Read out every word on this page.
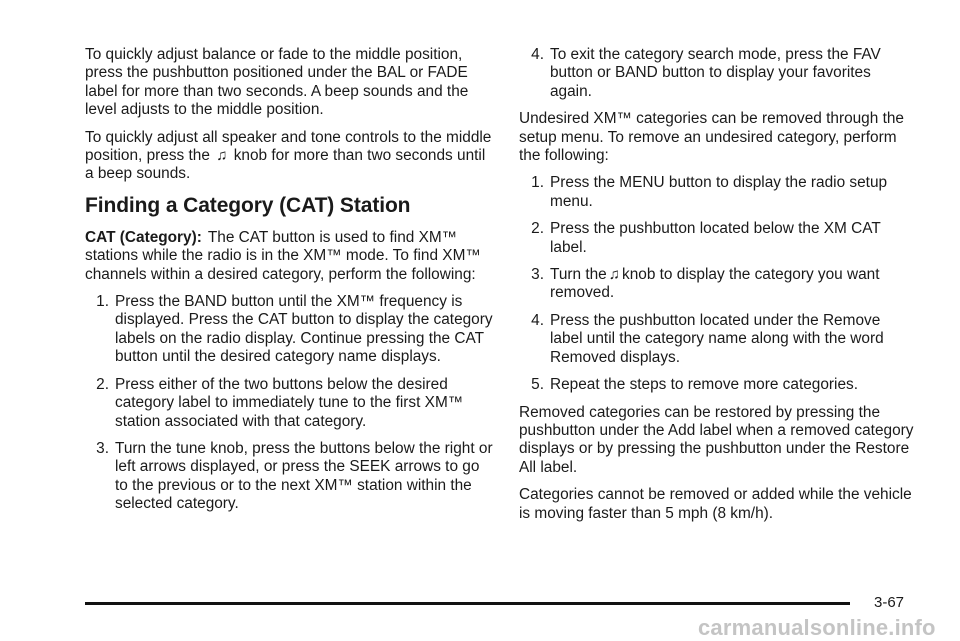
To quickly adjust balance or fade to the middle position, press the pushbutton positioned under the BAL or FADE label for more than two seconds. A beep sounds and the level adjusts to the middle position.

To quickly adjust all speaker and tone controls to the middle position, press the ♫ knob for more than two seconds until a beep sounds.

Finding a Category (CAT) Station

CAT (Category): The CAT button is used to find XM™ stations while the radio is in the XM™ mode. To find XM™ channels within a desired category, perform the following:

1. Press the BAND button until the XM™ frequency is displayed. Press the CAT button to display the category labels on the radio display. Continue pressing the CAT button until the desired category name displays.
2. Press either of the two buttons below the desired category label to immediately tune to the first XM™ station associated with that category.
3. Turn the tune knob, press the buttons below the right or left arrows displayed, or press the SEEK arrows to go to the previous or to the next XM™ station within the selected category.
4. To exit the category search mode, press the FAV button or BAND button to display your favorites again.

Undesired XM™ categories can be removed through the setup menu. To remove an undesired category, perform the following:

1. Press the MENU button to display the radio setup menu.
2. Press the pushbutton located below the XM CAT label.
3. Turn the ♫ knob to display the category you want removed.
4. Press the pushbutton located under the Remove label until the category name along with the word Removed displays.
5. Repeat the steps to remove more categories.

Removed categories can be restored by pressing the pushbutton under the Add label when a removed category displays or by pressing the pushbutton under the Restore All label.

Categories cannot be removed or added while the vehicle is moving faster than 5 mph (8 km/h).

3-67
carmanualsonline.info
